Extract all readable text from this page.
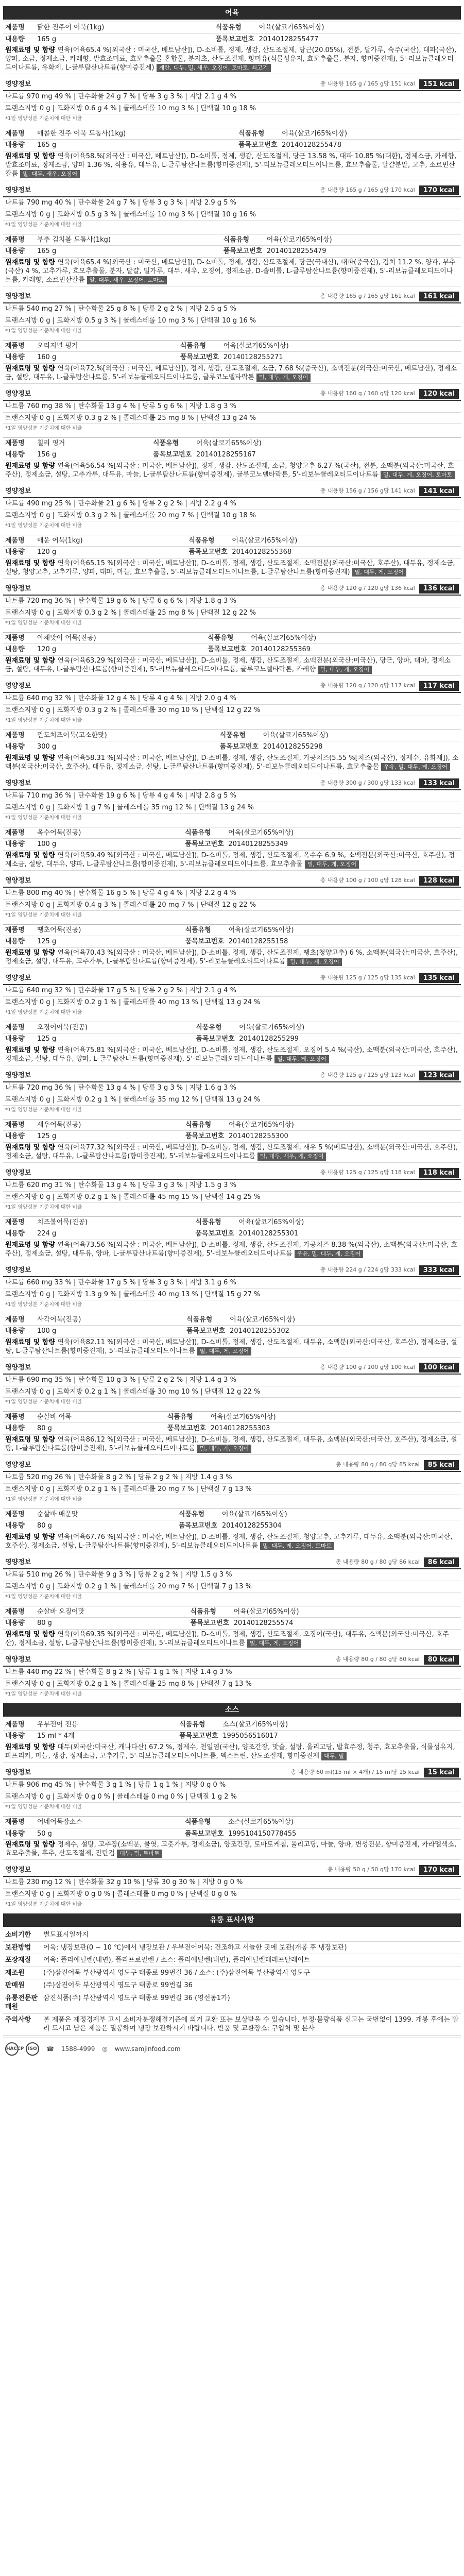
어육
제품명	닭한 진주어 어묵(1kg)	식품유형	어육(살코기65%이상)
내용량	165 g	품목보고번호	20140128255477
원재료명 및 함량 연육(어육65.4 %[외국산 : 미국산, 베트남산]), D-소비톨, 정제, 생감, 산도조절제, 당근(20.05%), 전분, 달가루, 숙주(국산), 대파(국산), 양파, 소금, 정제소금, 카레향, 발효조미료, 효모추출물 혼합물, 분자초, 산도조절제, 향미유(식물성유지, 효모추출물, 분자, 향미증진제), 5'-리보뉴클레오티드이나트륨, 유화제, L-글루탐산나트륨(향미증진제) 계란, 대두, 밀, 새우, 오징어, 토마토, 쇠고기			
영양정보	총 내용량 165 g / 165 g당 151 kcal	151 kcal
나트륨 970 mg 49 % | 탄수화물 24 g 7 % | 당류 3 g 3 % | 지방 2.1 g 4 %
트랜스지방 0 g | 포화지방 0.6 g 4 % | 콜레스테롤 10 mg 3 % | 단백질 10 g 18 %
*1일 영양성분 기준치에 대한 비율
제품명	매콤한 진주 어묵 도톰사(1kg)	식품유형	어육(살코기65%이상)
내용량	165 g	품목보고번호	20140128255478
원재료명 및 함량 연육(어육58.%[외국산 : 미국산, 베트남산]), D-소비톨, 정제, 생감, 산도조절제, 당근 13.58 %, 대파 10.85 %(대한), 정제소금, 카레향, 발효조미료, 정제소금, 양파 1.36 %, 식용유, 대두유, L-글루탐산나트륨(향미증진제), 5'-리보뉴클레오티드이나트륨, 효모추출물, 달걀분말, 고추, 소르빈산칼륨 밀, 대두, 새우, 오징어			
영양정보	총 내용량 165 g / 165 g당 170 kcal	170 kcal
나트륨 790 mg 40 % | 탄수화물 24 g 7 % | 당류 3 g 3 % | 지방 2.9 g 5 %
트랜스지방 0 g | 포화지방 0.5 g 3 % | 콜레스테롤 10 mg 3 % | 단백질 10 g 16 %
*1일 영양성분 기준치에 대한 비율
제품명	부추 김치볼 도톰사(1kg)	식품유형	어육(살코기65%이상)
내용량	165 g	품목보고번호	20140128255479
원재료명 및 함량 연육(어육65.4 %[외국산 : 미국산, 베트남산]), D-소비톨, 정제, 생감, 산도조절제, 당근(국내산), 대파(중국산), 김치 11.2 %, 양파, 부추(국산) 4 %, 고추가루, 효모추출물, 분자, 달걀, 밀가루, 대두, 새우, 오징어, 정제소금, D-솔비톨, L-글루탐산나트륨(향미증진제), 5'-리보뉴클레오티드이나트륨, 카레향, 소르빈산칼륨 알, 대두, 새우, 오징어, 토마토			
영양정보	총 내용량 165 g / 165 g당 161 kcal	161 kcal
나트륨 540 mg 27 % | 탄수화물 25 g 8 % | 당류 2 g 2 % | 지방 2.5 g 5 %
트랜스지방 0 g | 포화지방 0.5 g 3 % | 콜레스테롤 10 mg 3 % | 단백질 10 g 16 %
*1일 영양성분 기준치에 대한 비율
제품명	오리지널 핑거	식품유형	어육(살코기65%이상)
내용량	160 g	품목보고번호	20140128255271
원재료명 및 함량 연육(어육72.%[외국산 : 미국산, 베트남산]), 정제, 생감, 산도조절제, 소금, 7.68 %(중국산), 소맥전분(외국산:미국산, 베트남산), 정제소금, 설탕, 대두유, L-글루탐산나트륨, 5'-리보뉴클레오티드이나트륨, 글루코노델타락톤 밀, 대두, 게, 오징어			
영양정보	총 내용량 160 g / 160 g당 120 kcal	120 kcal
나트륨 760 mg 38 % | 탄수화물 13 g 4 % | 당류 5 g 6 % | 지방 1.8 g 3 %
트랜스지방 0 g | 포화지방 0.3 g 2 % | 콜레스테롤 25 mg 8 % | 단백질 13 g 24 %
*1일 영양성분 기준치에 대한 비율
제품명	칠리 핑거	식품유형	어육(살코기65%이상)
내용량	156 g	품목보고번호	20140128255167
원재료명 및 함량 연육(어육56.54 %[외국산 : 미국산, 베트남산]), 정제, 생감, 산도조절제, 소금, 청양고추 6.27 %(국산), 전분, 소맥분(외국산:미국산, 호주산), 정제소금, 설탕, 고추가루, 대두유, 마늘, L-글루탐산나트륨(향미증진제), 글루코노델타락톤, 5'-리보뉴클레오티드이나트륨 밀, 대두, 게, 오징어, 토마토			
영양정보	총 내용량 156 g / 156 g당 141 kcal	141 kcal
나트륨 490 mg 25 % | 탄수화물 21 g 6 % | 당류 2 g 2 % | 지방 2.2 g 4 %
트랜스지방 0 g | 포화지방 0.3 g 2 % | 콜레스테롤 20 mg 7 % | 단백질 10 g 18 %
*1일 영양성분 기준치에 대한 비율
제품명	매운 어묵(1kg)	식품유형	어육(살코기65%이상)
내용량	120 g	품목보고번호	20140128255368
원재료명 및 함량 연육(어육65.15 %[외국산 : 미국산, 베트남산]), D-소비톨, 정제, 생감, 산도조절제, 소맥전분(외국산:미국산, 호주산), 대두유, 정제소금, 설탕, 청양고추, 고추가루, 양파, 대파, 마늘, 효모추출물, 5'-리보뉴클레오티드이나트륨, L-글루탐산나트륨(향미증진제) 밀, 대두, 게, 오징어			
영양정보	총 내용량 120 g / 120 g당 136 kcal	136 kcal
나트륨 720 mg 36 % | 탄수화물 19 g 6 % | 당류 6 g 6 % | 지방 1.8 g 3 %
트랜스지방 0 g | 포화지방 0.3 g 2 % | 콜레스테롤 25 mg 8 % | 단백질 12 g 22 %
*1일 영양성분 기준치에 대한 비율
제품명	야채맛이 어묵(진공)	식품유형	어육(살코기65%이상)
내용량	120 g	품목보고번호	20140128255369
원재료명 및 함량 연육(어육63.29 %[외국산 : 미국산, 베트남산]), D-소비톨, 정제, 생감, 산도조절제, 소맥전분(외국산:미국산), 당근, 양파, 대파, 정제소금, 설탕, 대두유, L-글루탐산나트륨(향미증진제), 5'-리보뉴클레오티드이나트륨, 글루코노델타락톤, 카레향 밀, 대두, 게, 오징어			
영양정보	총 내용량 120 g / 120 g당 117 kcal	117 kcal
나트륨 640 mg 32 % | 탄수화물 12 g 4 % | 당류 4 g 4 % | 지방 2.0 g 4 %
트랜스지방 0 g | 포화지방 0.3 g 2 % | 콜레스테롤 30 mg 10 % | 단백질 12 g 22 %
*1일 영양성분 기준치에 대한 비율
제품명	깐도치즈어묵(고소한맛)	식품유형	어육(살코기65%이상)
내용량	300 g	품목보고번호	20140128255298
원재료명 및 함량 연육(어육58.31 %[외국산 : 미국산, 베트남산]), D-소비톨, 정제, 생감, 산도조절제, 가공치즈(5.55 %[치즈(외국산), 정제수, 유화제]), 소맥분(외국산:미국산, 호주산), 대두유, 정제소금, 설탕, L-글루탐산나트륨(향미증진제), 5'-리보뉴클레오티드이나트륨, 효모추출물 우유, 밀, 대두, 게, 오징어			
영양정보	총 내용량 300 g / 300 g당 133 kcal	133 kcal
나트륨 710 mg 36 % | 탄수화물 19 g 6 % | 당류 4 g 4 % | 지방 2.8 g 5 %
트랜스지방 0 g | 포화지방 1 g 7 % | 콜레스테롤 35 mg 12 % | 단백질 13 g 24 %
*1일 영양성분 기준치에 대한 비율
제품명	옥수어묵(진공)	식품유형	어육(살코기65%이상)
내용량	100 g	품목보고번호	20140128255349
원재료명 및 함량 연육(어육59.49 %[외국산 : 미국산, 베트남산]), D-소비톨, 정제, 생감, 산도조절제, 옥수수 6.9 %, 소맥전분(외국산:미국산, 호주산), 정제소금, 설탕, 대두유, 양파, L-글루탐산나트륨(향미증진제), 5'-리보뉴클레오티드이나트륨, 효모추출물 밀, 대두, 게, 오징어			
영양정보	총 내용량 100 g / 100 g당 128 kcal	128 kcal
나트륨 800 mg 40 % | 탄수화물 16 g 5 % | 당류 4 g 4 % | 지방 2.2 g 4 %
트랜스지방 0 g | 포화지방 0.4 g 3 % | 콜레스테롤 20 mg 7 % | 단백질 12 g 22 %
*1일 영양성분 기준치에 대한 비율
제품명	땡초어묵(진공)	식품유형	어육(살코기65%이상)
내용량	125 g	품목보고번호	20140128255158
원재료명 및 함량 연육(어육70.43 %[외국산 : 미국산, 베트남산]), D-소비톨, 정제, 생감, 산도조절제, 땡초(청양고추) 6 %, 소맥분(외국산:미국산, 호주산), 정제소금, 설탕, 대두유, 고추가루, L-글루탐산나트륨(향미증진제), 5'-리보뉴클레오티드이나트륨 밀, 대두, 게, 오징어			
영양정보	총 내용량 125 g / 125 g당 135 kcal	135 kcal
나트륨 640 mg 32 % | 탄수화물 17 g 5 % | 당류 2 g 2 % | 지방 2.1 g 4 %
트랜스지방 0 g | 포화지방 0.2 g 1 % | 콜레스테롤 40 mg 13 % | 단백질 13 g 24 %
*1일 영양성분 기준치에 대한 비율
제품명	오징어어묵(진공)	식품유형	어육(살코기65%이상)
내용량	125 g	품목보고번호	20140128255299
원재료명 및 함량 연육(어육75.81 %[외국산 : 미국산, 베트남산]), D-소비톨, 정제, 생감, 산도조절제, 오징어 5.4 %(국산), 소맥분(외국산:미국산, 호주산), 정제소금, 설탕, 대두유, 양파, L-글루탐산나트륨(향미증진제), 5'-리보뉴클레오티드이나트륨 밀, 대두, 게, 오징어			
영양정보	총 내용량 125 g / 125 g당 123 kcal	123 kcal
나트륨 720 mg 36 % | 탄수화물 13 g 4 % | 당류 3 g 3 % | 지방 1.6 g 3 %
트랜스지방 0 g | 포화지방 0.2 g 1 % | 콜레스테롤 35 mg 12 % | 단백질 13 g 24 %
*1일 영양성분 기준치에 대한 비율
제품명	새우어묵(진공)	식품유형	어육(살코기65%이상)
내용량	125 g	품목보고번호	20140128255300
원재료명 및 함량 연육(어육77.32 %[외국산 : 미국산, 베트남산]), D-소비톨, 정제, 생감, 산도조절제, 새우 5 %(베트남산), 소맥분(외국산:미국산, 호주산), 정제소금, 설탕, 대두유, L-글루탐산나트륨(향미증진제), 5'-리보뉴클레오티드이나트륨 밀, 대두, 새우, 게, 오징어			
영양정보	총 내용량 125 g / 125 g당 118 kcal	118 kcal
나트륨 620 mg 31 % | 탄수화물 13 g 4 % | 당류 3 g 3 % | 지방 1.5 g 3 %
트랜스지방 0 g | 포화지방 0.2 g 1 % | 콜레스테롤 45 mg 15 % | 단백질 14 g 25 %
*1일 영양성분 기준치에 대한 비율
제품명	치즈볼어묵(진공)	식품유형	어육(살코기65%이상)
내용량	224 g	품목보고번호	20140128255301
원재료명 및 함량 연육(어육73.56 %[외국산 : 미국산, 베트남산]), D-소비톨, 정제, 생감, 산도조절제, 가공치즈 8.38 %(외국산), 소맥분(외국산:미국산, 호주산), 정제소금, 설탕, 대두유, 양파, L-글루탐산나트륨(향미증진제), 5'-리보뉴클레오티드이나트륨 우유, 밀, 대두, 게, 오징어			
영양정보	총 내용량 224 g / 224 g당 333 kcal	333 kcal
나트륨 660 mg 33 % | 탄수화물 17 g 5 % | 당류 3 g 3 % | 지방 3.1 g 6 %
트랜스지방 0 g | 포화지방 1.3 g 9 % | 콜레스테롤 40 mg 13 % | 단백질 15 g 27 %
*1일 영양성분 기준치에 대한 비율
제품명	사각어묵(진공)	식품유형	어육(살코기65%이상)
내용량	100 g	품목보고번호	20140128255302
원재료명 및 함량 연육(어육82.11 %[외국산 : 미국산, 베트남산]), D-소비톨, 정제, 생감, 산도조절제, 대두유, 소맥분(외국산:미국산, 호주산), 정제소금, 설탕, L-글루탐산나트륨(향미증진제), 5'-리보뉴클레오티드이나트륨 밀, 대두, 게, 오징어			
영양정보	총 내용량 100 g / 100 g당 100 kcal	100 kcal
나트륨 690 mg 35 % | 탄수화물 10 g 3 % | 당류 2 g 2 % | 지방 1.4 g 3 %
트랜스지방 0 g | 포화지방 0.2 g 1 % | 콜레스테롤 30 mg 10 % | 단백질 12 g 22 %
*1일 영양성분 기준치에 대한 비율
제품명	순살바 어묵	식품유형	어육(살코기65%이상)
내용량	80 g	품목보고번호	20140128255303
원재료명 및 함량 연육(어육86.12 %[외국산 : 미국산, 베트남산]), D-소비톨, 정제, 생감, 산도조절제, 대두유, 소맥분(외국산:미국산, 호주산), 정제소금, 설탕, L-글루탐산나트륨(향미증진제), 5'-리보뉴클레오티드이나트륨 밀, 대두, 게, 오징어			
영양정보	총 내용량 80 g / 80 g당 85 kcal	85 kcal
나트륨 520 mg 26 % | 탄수화물 8 g 2 % | 당류 2 g 2 % | 지방 1.4 g 3 %
트랜스지방 0 g | 포화지방 0.2 g 1 % | 콜레스테롤 20 mg 7 % | 단백질 7 g 13 %
*1일 영양성분 기준치에 대한 비율
제품명	순살바 매운맛	식품유형	어육(살코기65%이상)
내용량	80 g	품목보고번호	20140128255304
원재료명 및 함량 연육(어육67.76 %[외국산 : 미국산, 베트남산]), D-소비톨, 정제, 생감, 산도조절제, 청양고추, 고추가루, 대두유, 소맥분(외국산:미국산, 호주산), 정제소금, 설탕, L-글루탐산나트륨(향미증진제), 5'-리보뉴클레오티드이나트륨 밀, 대두, 게, 오징어, 토마토			
영양정보	총 내용량 80 g / 80 g당 86 kcal	86 kcal
나트륨 510 mg 26 % | 탄수화물 9 g 3 % | 당류 2 g 2 % | 지방 1.5 g 3 %
트랜스지방 0 g | 포화지방 0.2 g 1 % | 콜레스테롤 20 mg 7 % | 단백질 7 g 13 %
*1일 영양성분 기준치에 대한 비율
제품명	순살바 오징어맛	식품유형	어육(살코기65%이상)
내용량	80 g	품목보고번호	20140128255574
원재료명 및 함량 연육(어육69.35 %[외국산 : 미국산, 베트남산]), D-소비톨, 정제, 생감, 산도조절제, 오징어(국산), 대두유, 소맥분(외국산:미국산, 호주산), 정제소금, 설탕, L-글루탐산나트륨(향미증진제), 5'-리보뉴클레오티드이나트륨 밀, 대두, 게, 오징어			
영양정보	총 내용량 80 g / 80 g당 80 kcal	80 kcal
나트륨 440 mg 22 % | 탄수화물 8 g 2 % | 당류 1 g 1 % | 지방 1.4 g 3 %
트랜스지방 0 g | 포화지방 0.2 g 1 % | 콜레스테롤 25 mg 8 % | 단백질 7 g 13 %
*1일 영양성분 기준치에 대한 비율
소스
제품명	우부전어 전용	식품유형	소스(살코기65%이상)
내용량	15 ml * 4개	품목보고번호	1995056516017
원재료명 및 함량 대두(외국산:미국산, 캐나다산) 67.2 %, 정제수, 천일염(국산), 양조간장, 맛술, 설탕, 올리고당, 발효주정, 청주, 효모추출물, 식물성유지, 파프리카, 마늘, 생강, 정제소금, 고추가루, 5'-리보뉴클레오티드이나트륨, 덱스트린, 산도조절제, 향미증진제 대두, 밀			
영양정보	총 내용량 60 ml(15 ml × 4개) / 15 ml당 15 kcal	15 kcal
나트륨 906 mg 45 % | 탄수화물 3 g 1 % | 당류 1 g 1 % | 지방 0 g 0 %
트랜스지방 0 g | 포화지방 0 g 0 % | 콜레스테롤 0 mg 0 % | 단백질 1 g 2 %
*1일 영양성분 기준치에 대한 비율
제품명	어네어묵잡소스	식품유형	소스(살코기65%이상)
내용량	50 g	품목보고번호	1995104150778455
원재료명 및 함량 정제수, 설탕, 고추장(소맥분, 물엿, 고춧가루, 정제소금), 양조간장, 토마토케첩, 올리고당, 마늘, 양파, 변성전분, 향미증진제, 카라멜색소, 효모추출물, 후추, 산도조절제, 잔탄검 대두, 밀, 토마토			
영양정보	총 내용량 50 g / 50 g당 170 kcal	170 kcal
나트륨 230 mg 12 % | 탄수화물 32 g 10 % | 당류 30 g 30 % | 지방 0 g 0 %
트랜스지방 0 g | 포화지방 0 g 0 % | 콜레스테롤 0 mg 0 % | 단백질 0 g 0 %
*1일 영양성분 기준치에 대한 비율
유통 표시사항
소비기한	별도표시일까지
보관방법	어육: 냉장보관(0 ~ 10 ℃)에서 냉장보관 / 우부전어어묵: 건조하고 서늘한 곳에 보관(개봉 후 냉장보관)
포장재질	어육: 폴리에틸렌(내면), 폴리프로필렌 / 소스: 폴리에틸렌(내면), 폴리에틸렌테레프탈레이트
제조원	(주)삼진어묵 부산광역시 영도구 태종로 99번길 36 / 소스: (주)삼진어묵 부산광역시 영도구
판매원	(주)삼진어묵 부산광역시 영도구 태종로 99번길 36
유통전문판매원	삼진식품(주) 부산광역시 영도구 태종로 99번길 36 (영선동1가)
주의사항	본 제품은 재정경제부 고시 소비자분쟁해결기준에 의거 교환 또는 보상받을 수 있습니다. 부정·불량식품 신고는 국번없이 1399. 개봉 후에는 빨리 드시고 남은 제품은 밀봉하여 냉장 보관하시기 바랍니다. 반품 및 교환장소: 구입처 및 본사
HACCP ISO	☎ 1588-4999 ◎ www.samjinfood.com
